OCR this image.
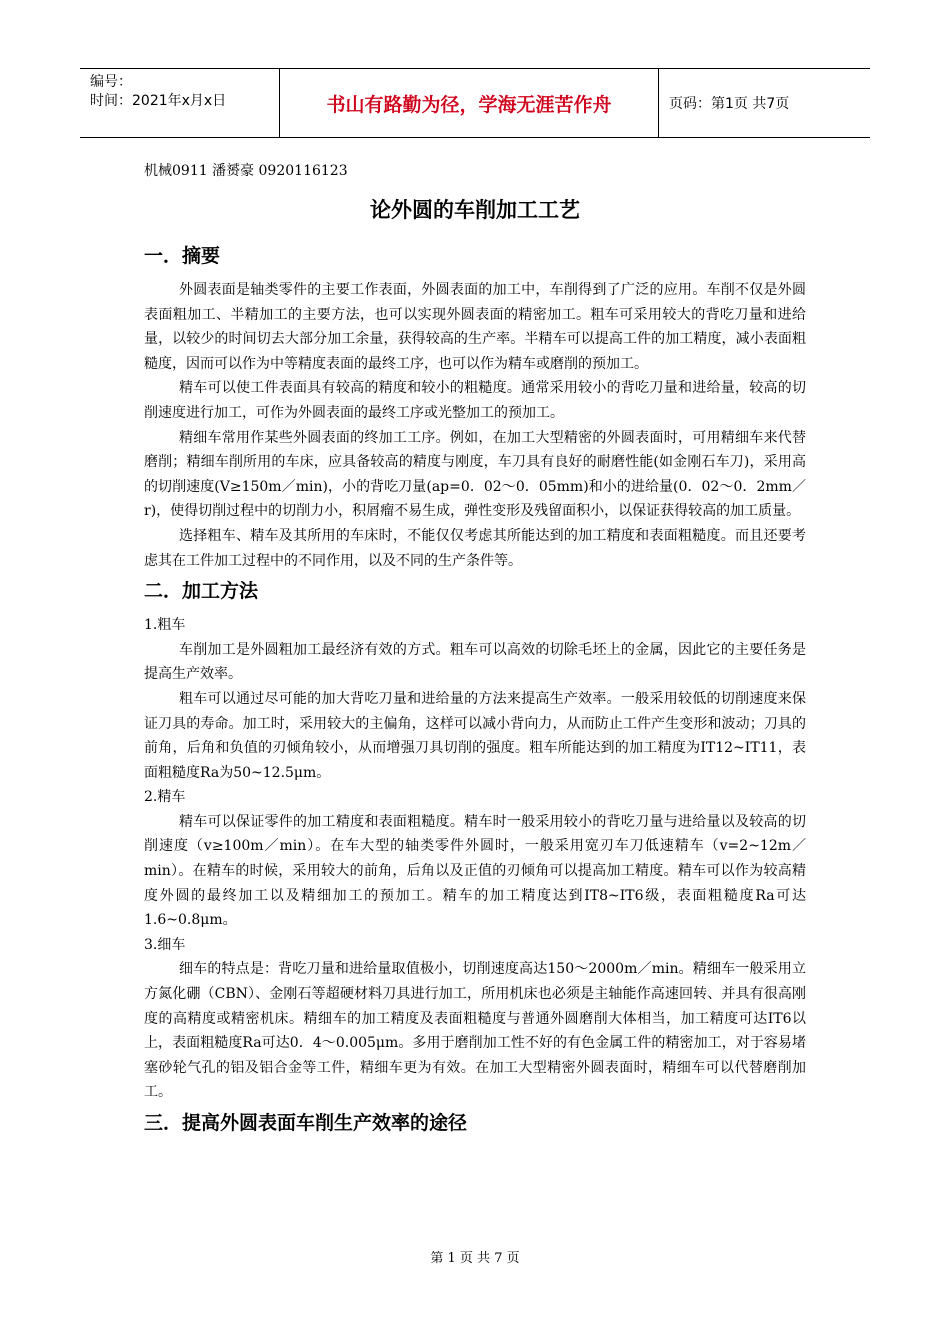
编号：
时间：2021年x月x日	书山有路勤为径，学海无涯苦作舟	页码：第1页 共7页
机械0911 潘赟豪 0920116123
论外圆的车削加工工艺
一．摘要

外圆表面是轴类零件的主要工作表面，外圆表面的加工中，车削得到了广泛的应用。车削不仅是外圆表面粗加工、半精加工的主要方法，也可以实现外圆表面的精密加工。粗车可采用较大的背吃刀量和进给量，以较少的时间切去大部分加工余量，获得较高的生产率。半精车可以提高工件的加工精度，减小表面粗糙度，因而可以作为中等精度表面的最终工序，也可以作为精车或磨削的预加工。

精车可以使工件表面具有较高的精度和较小的粗糙度。通常采用较小的背吃刀量和进给量，较高的切削速度进行加工，可作为外圆表面的最终工序或光整加工的预加工。

精细车常用作某些外圆表面的终加工工序。例如，在加工大型精密的外圆表面时，可用精细车来代替磨削；精细车削所用的车床，应具备较高的精度与刚度，车刀具有良好的耐磨性能(如金刚石车刀)，采用高的切削速度(V≥150m／min)，小的背吃刀量(ap=0．02～0．05mm)和小的进给量(0．02～0．2mm／r)，使得切削过程中的切削力小，积屑瘤不易生成，弹性变形及残留面积小，以保证获得较高的加工质量。

选择粗车、精车及其所用的车床时，不能仅仅考虑其所能达到的加工精度和表面粗糙度。而且还要考虑其在工件加工过程中的不同作用，以及不同的生产条件等。

二．加工方法
1.粗车

车削加工是外圆粗加工最经济有效的方式。粗车可以高效的切除毛坯上的金属，因此它的主要任务是提高生产效率。

粗车可以通过尽可能的加大背吃刀量和进给量的方法来提高生产效率。一般采用较低的切削速度来保证刀具的寿命。加工时，采用较大的主偏角，这样可以减小背向力，从而防止工件产生变形和波动；刀具的前角，后角和负值的刃倾角较小，从而增强刀具切削的强度。粗车所能达到的加工精度为IT12~IT11，表面粗糙度Ra为50~12.5μm。

2.精车

精车可以保证零件的加工精度和表面粗糙度。精车时一般采用较小的背吃刀量与进给量以及较高的切削速度（v≥100m／min）。在车大型的轴类零件外圆时，一般采用宽刃车刀低速精车（v=2~12m／min）。在精车的时候，采用较大的前角，后角以及正值的刃倾角可以提高加工精度。精车可以作为较高精度外圆的最终加工以及精细加工的预加工。精车的加工精度达到IT8~IT6级，表面粗糙度Ra可达1.6~0.8μm。

3.细车

细车的特点是：背吃刀量和进给量取值极小，切削速度高达150～2000m／min。精细车一般采用立方氮化硼（CBN）、金刚石等超硬材料刀具进行加工，所用机床也必须是主轴能作高速回转、并具有很高刚度的高精度或精密机床。精细车的加工精度及表面粗糙度与普通外圆磨削大体相当，加工精度可达IT6以上，表面粗糙度Ra可达0．4～0.005μm。多用于磨削加工性不好的有色金属工件的精密加工，对于容易堵塞砂轮气孔的铝及铝合金等工件，精细车更为有效。在加工大型精密外圆表面时，精细车可以代替磨削加工。

三．提高外圆表面车削生产效率的途径
第 1 页 共 7 页
